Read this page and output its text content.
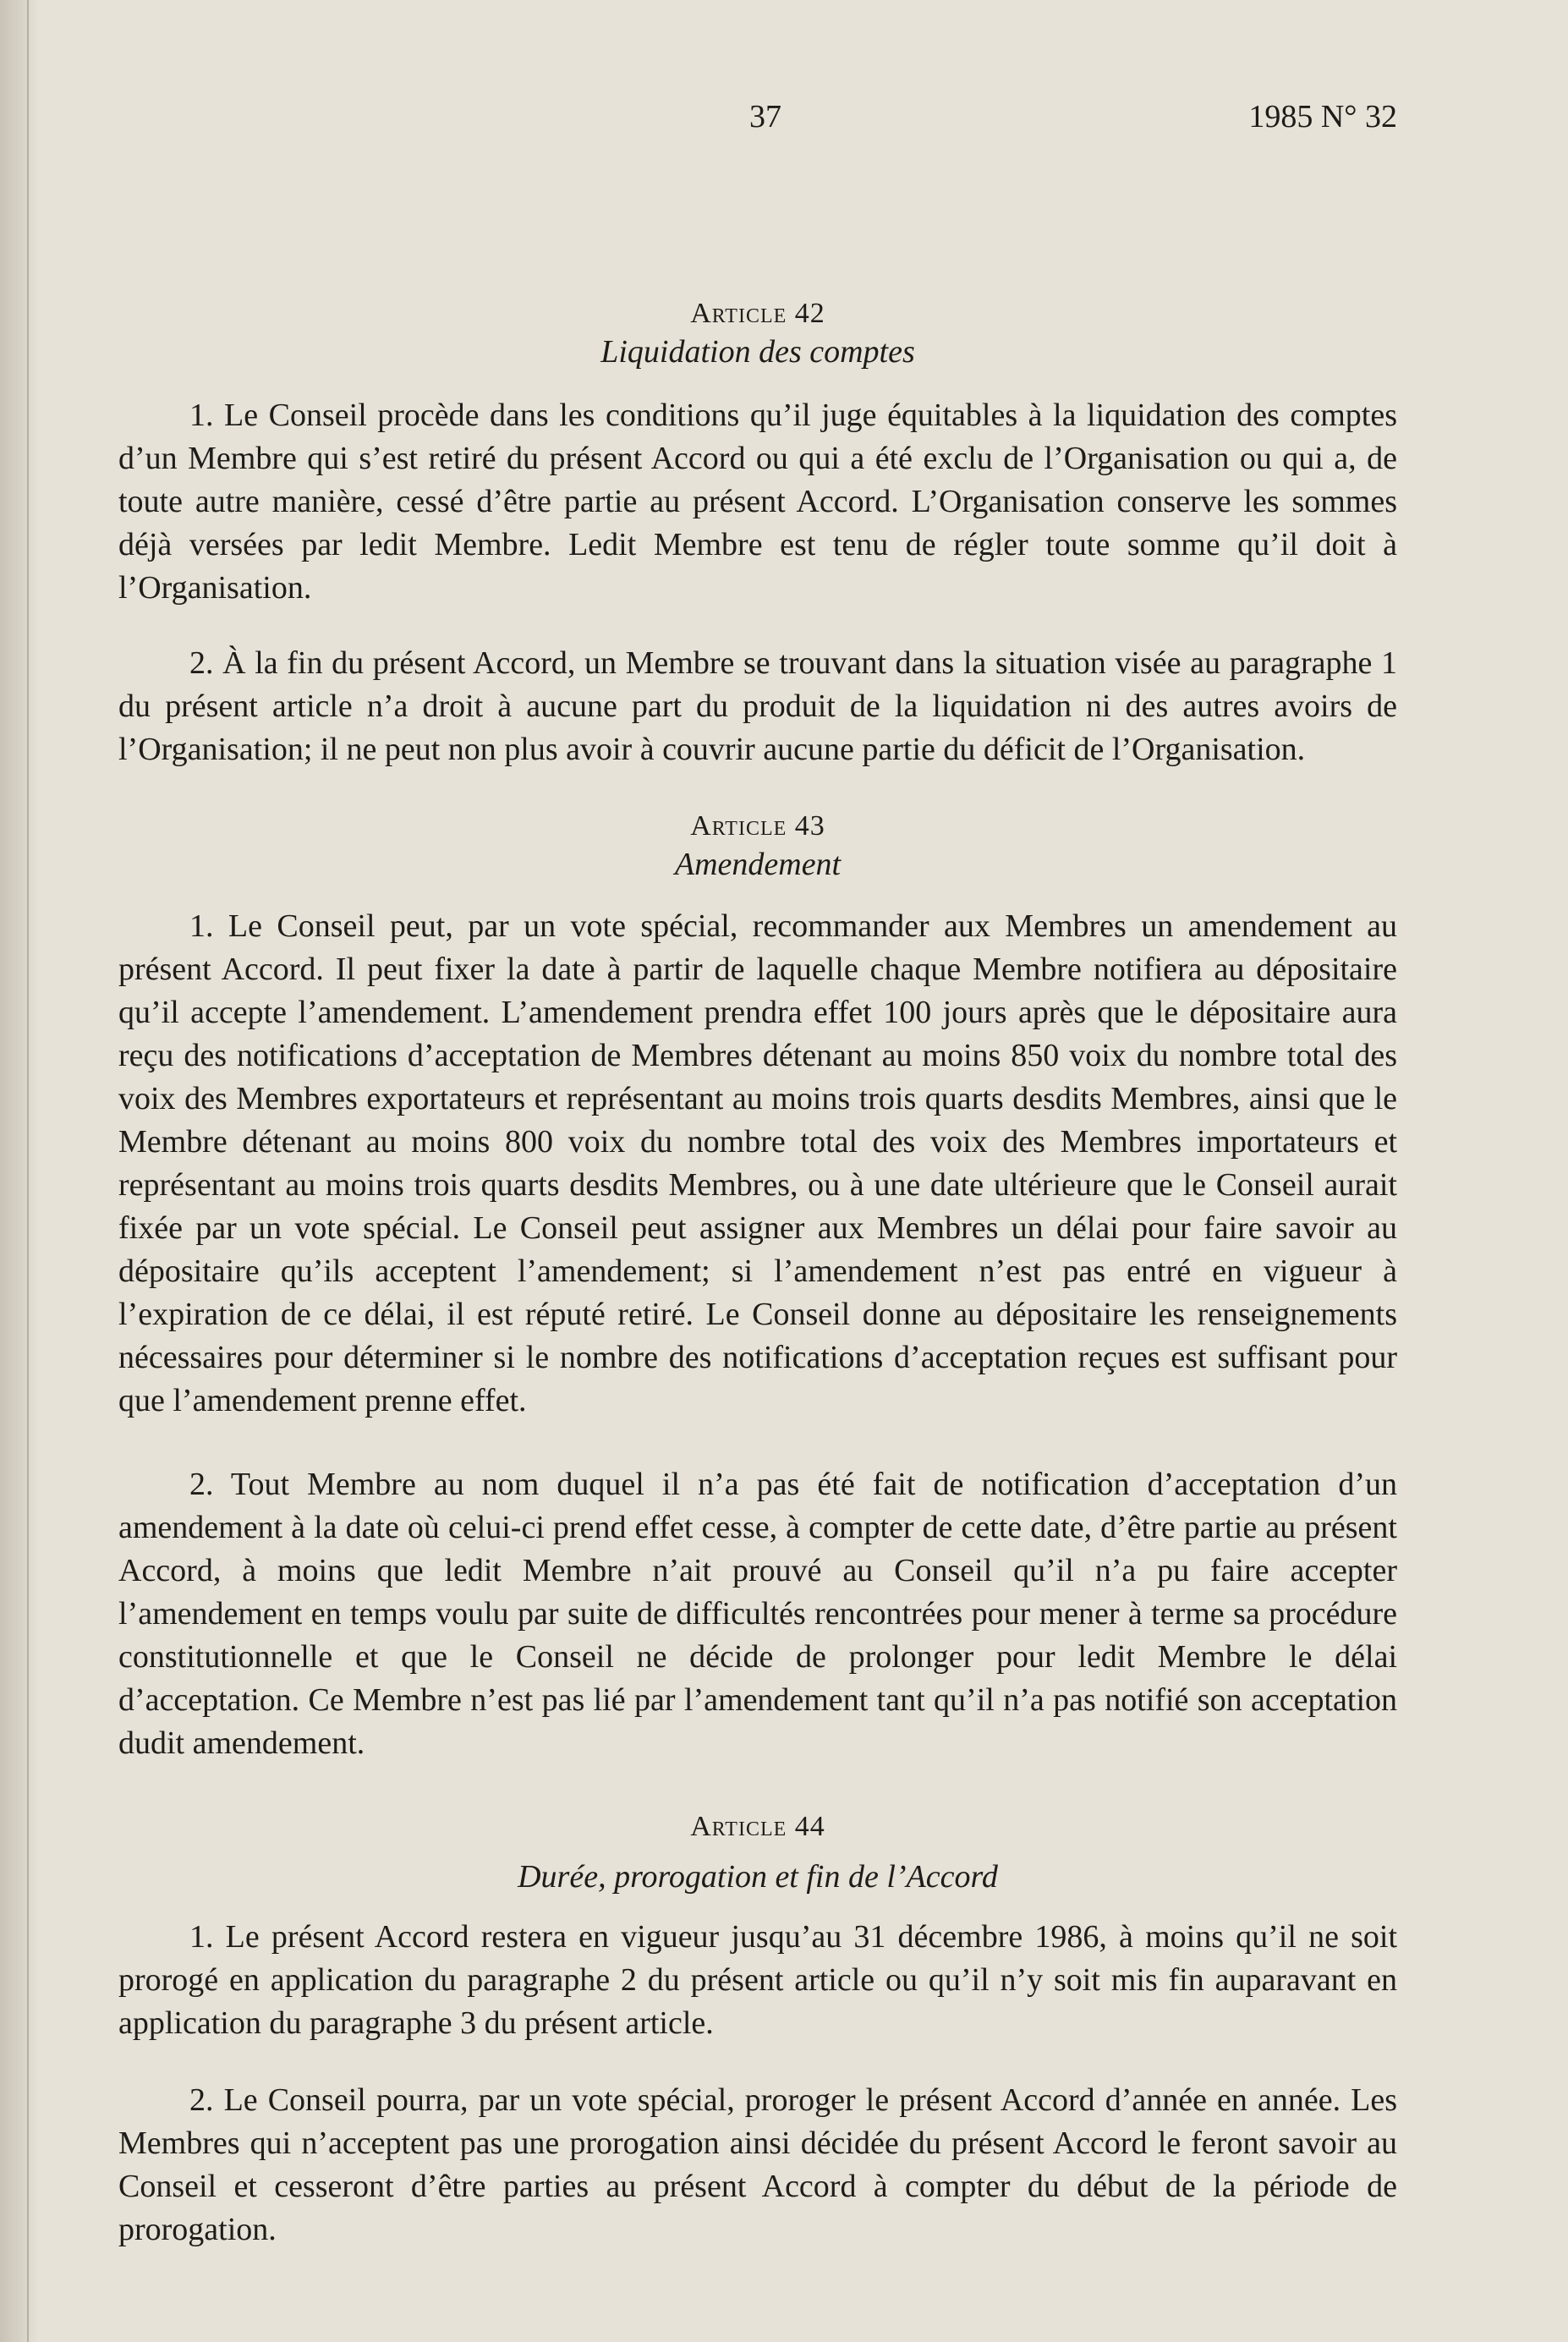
37	1985 N° 32
Article 42
Liquidation des comptes

1. Le Conseil procède dans les conditions qu’il juge équitables à la liquidation des comptes d’un Membre qui s’est retiré du présent Accord ou qui a été exclu de l’Organisation ou qui a, de toute autre manière, cessé d’être partie au présent Accord. L’Organisation conserve les sommes déjà versées par ledit Membre. Ledit Membre est tenu de régler toute somme qu’il doit à l’Organisation.

2. À la fin du présent Accord, un Membre se trouvant dans la situation visée au paragraphe 1 du présent article n’a droit à aucune part du produit de la liquidation ni des autres avoirs de l’Organisation; il ne peut non plus avoir à couvrir aucune partie du déficit de l’Organisation.

Article 43
Amendement

1. Le Conseil peut, par un vote spécial, recommander aux Membres un amendement au présent Accord. Il peut fixer la date à partir de laquelle chaque Membre notifiera au dépositaire qu’il accepte l’amendement. L’amendement prendra effet 100 jours après que le dépositaire aura reçu des notifications d’acceptation de Membres détenant au moins 850 voix du nombre total des voix des Membres exportateurs et représentant au moins trois quarts desdits Membres, ainsi que le Membre détenant au moins 800 voix du nombre total des voix des Membres importateurs et représentant au moins trois quarts desdits Membres, ou à une date ultérieure que le Conseil aurait fixée par un vote spécial. Le Conseil peut assigner aux Membres un délai pour faire savoir au dépositaire qu’ils acceptent l’amendement; si l’amendement n’est pas entré en vigueur à l’expiration de ce délai, il est réputé retiré. Le Conseil donne au dépositaire les renseignements nécessaires pour déterminer si le nombre des notifications d’acceptation reçues est suffisant pour que l’amendement prenne effet.

2. Tout Membre au nom duquel il n’a pas été fait de notification d’acceptation d’un amendement à la date où celui-ci prend effet cesse, à compter de cette date, d’être partie au présent Accord, à moins que ledit Membre n’ait prouvé au Conseil qu’il n’a pu faire accepter l’amendement en temps voulu par suite de difficultés rencontrées pour mener à terme sa procédure constitutionnelle et que le Conseil ne décide de prolonger pour ledit Membre le délai d’acceptation. Ce Membre n’est pas lié par l’amendement tant qu’il n’a pas notifié son acceptation dudit amendement.

Article 44
Durée, prorogation et fin de l’Accord

1. Le présent Accord restera en vigueur jusqu’au 31 décembre 1986, à moins qu’il ne soit prorogé en application du paragraphe 2 du présent article ou qu’il n’y soit mis fin auparavant en application du paragraphe 3 du présent article.

2. Le Conseil pourra, par un vote spécial, proroger le présent Accord d’année en année. Les Membres qui n’acceptent pas une prorogation ainsi décidée du présent Accord le feront savoir au Conseil et cesseront d’être parties au présent Accord à compter du début de la période de prorogation.
